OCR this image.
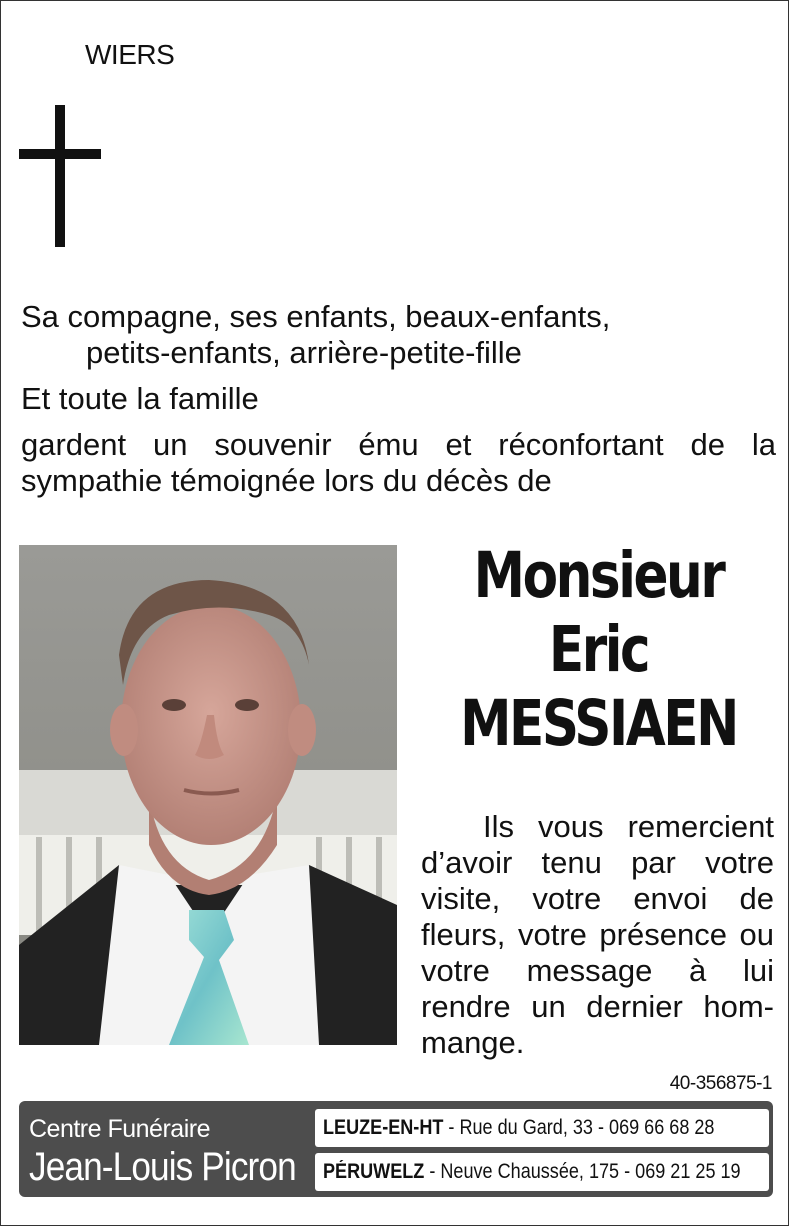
WIERS

Sa compagne, ses enfants, beaux-enfants,

petits-enfants, arrière-petite-fille

Et toute la famille

gardent un souvenir ému et réconfortant de la sympathie témoignée lors du décès de

Monsieur
Eric
MESSIAEN
Ils vous remercient d’avoir tenu par votre visite, votre envoi de fleurs, votre présence ou votre message à lui rendre un dernier hom-mange.
40-356875-1
Centre Funéraire
Jean-Louis Picron
LEUZE-EN-HT - Rue du Gard, 33 - 069 66 68 28
PÉRUWELZ - Neuve Chaussée, 175 - 069 21 25 19
